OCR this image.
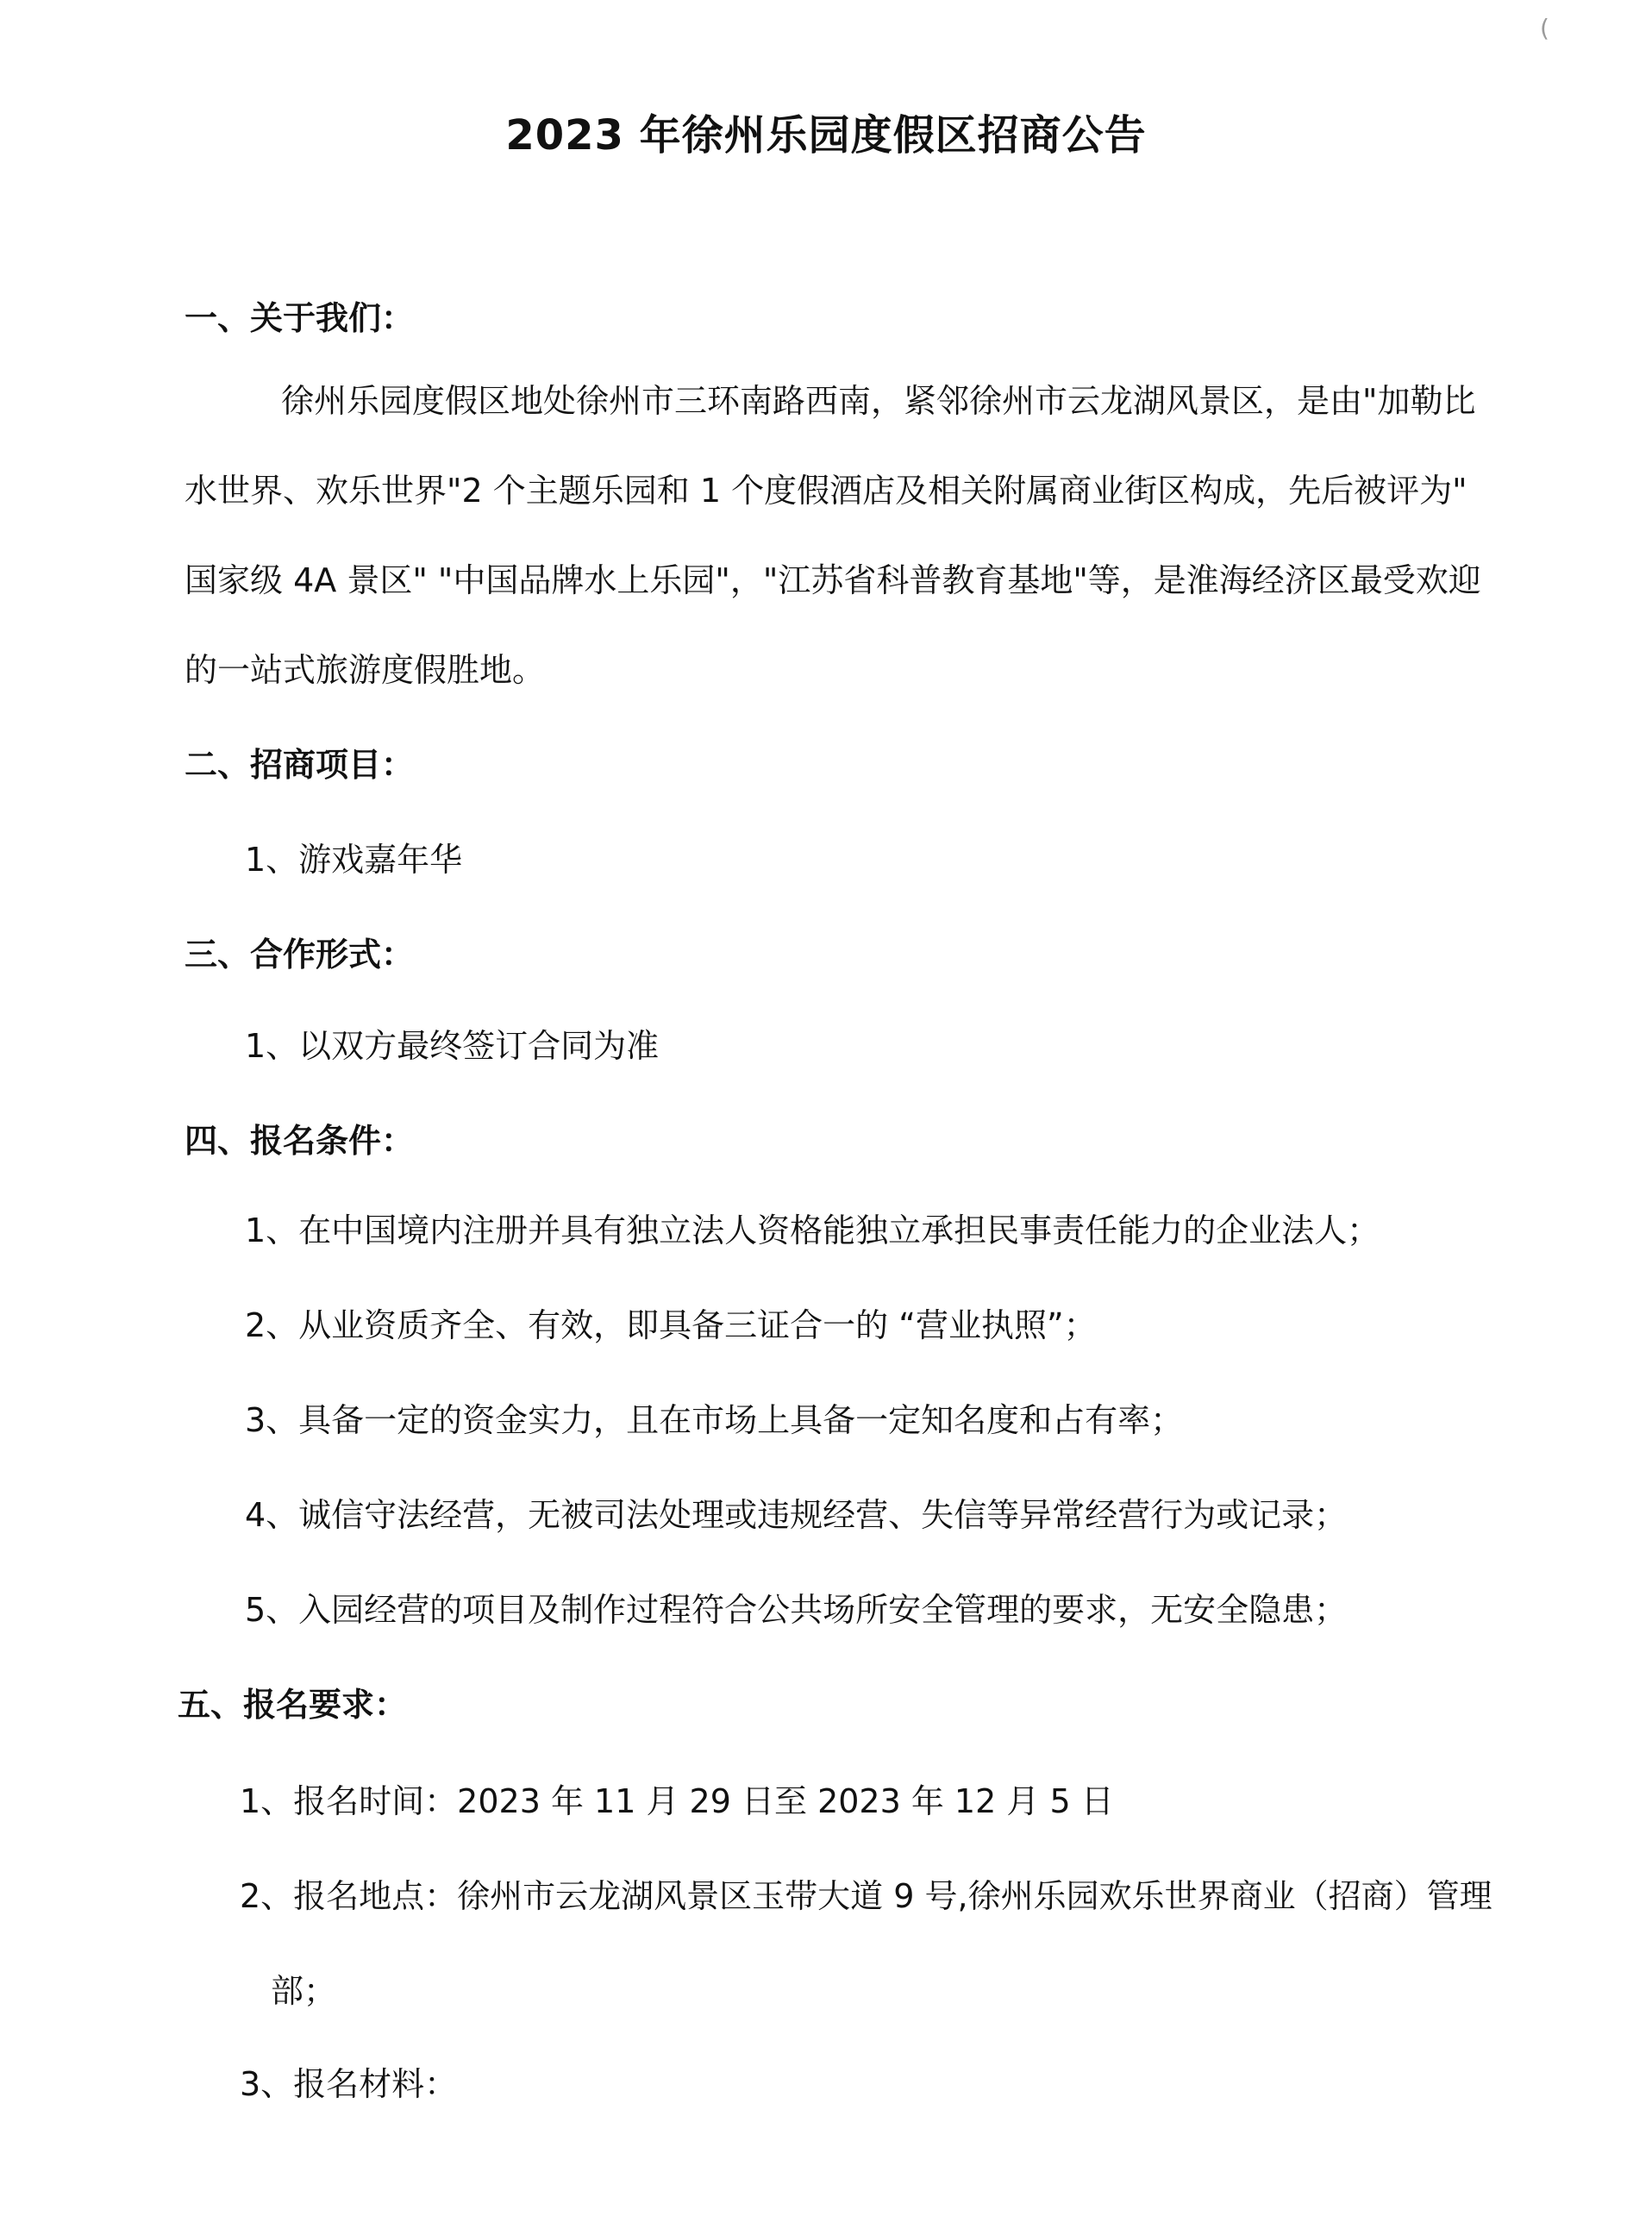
(
2023 年徐州乐园度假区招商公告
一、关于我们：
徐州乐园度假区地处徐州市三环南路西南，紧邻徐州市云龙湖风景区，是由"加勒比
水世界、欢乐世界"2 个主题乐园和 1 个度假酒店及相关附属商业街区构成，先后被评为"
国家级 4A 景区" "中国品牌水上乐园"，"江苏省科普教育基地"等，是淮海经济区最受欢迎
的一站式旅游度假胜地。
二、招商项目：
1、游戏嘉年华
三、合作形式：
1、以双方最终签订合同为准
四、报名条件：
1、在中国境内注册并具有独立法人资格能独立承担民事责任能力的企业法人；
2、从业资质齐全、有效，即具备三证合一的 “营业执照”；
3、具备一定的资金实力，且在市场上具备一定知名度和占有率；
4、诚信守法经营，无被司法处理或违规经营、失信等异常经营行为或记录；
5、入园经营的项目及制作过程符合公共场所安全管理的要求，无安全隐患；
五、报名要求：
1、报名时间：2023 年 11 月 29 日至 2023 年 12 月 5 日
2、报名地点：徐州市云龙湖风景区玉带大道 9 号,徐州乐园欢乐世界商业（招商）管理
部；
3、报名材料：
